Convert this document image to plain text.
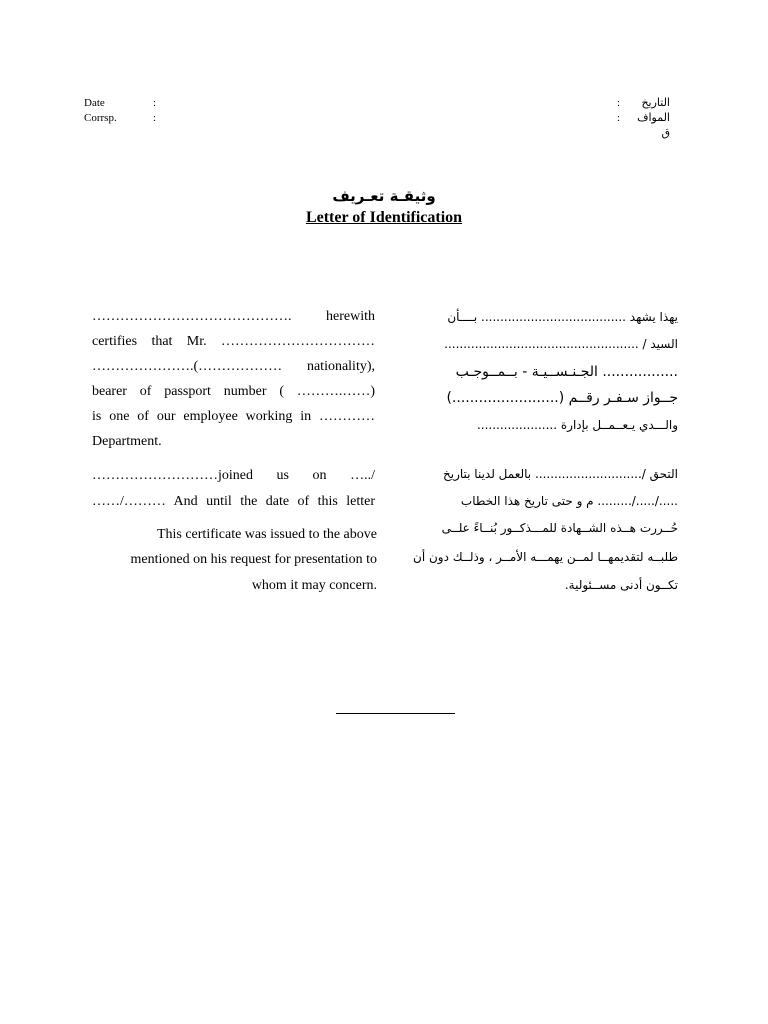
Date	:
Corrsp.	:
التاريخ
:
المواف
ق
:
وثيقـة تعـريف
Letter of Identification
……………………………………. herewith
certifies that Mr. ……………………………
………………….(……………… nationality),
bearer of passport number ( ……….……)
is one of our employee working in …………
Department.
………………………joined us on …../
……/……… And until the date of this letter
This certificate was issued to the above
mentioned on his request for presentation to
whom it may concern.
يهذا يشهد ...................................... بــــأن
السيد / ...................................................
................. الجـنـســيـة - بــمــوجـب
جــواز سـفـر رقــم (........................)
والـــدي يـعــمــل بإدارة .....................
التحق /............................ بالعمل لدينا بتاريخ
...../...../......... م و حتى تاريخ هذا الخطاب
حُــررت هــذه الشــهادة للمـــذكــور بُنــاءً علــى
طلبــه لتقديمهــا لمــن يهمـــه الأمــر ، وذلــك دون أن
تكــون أدنى مســئولية.
